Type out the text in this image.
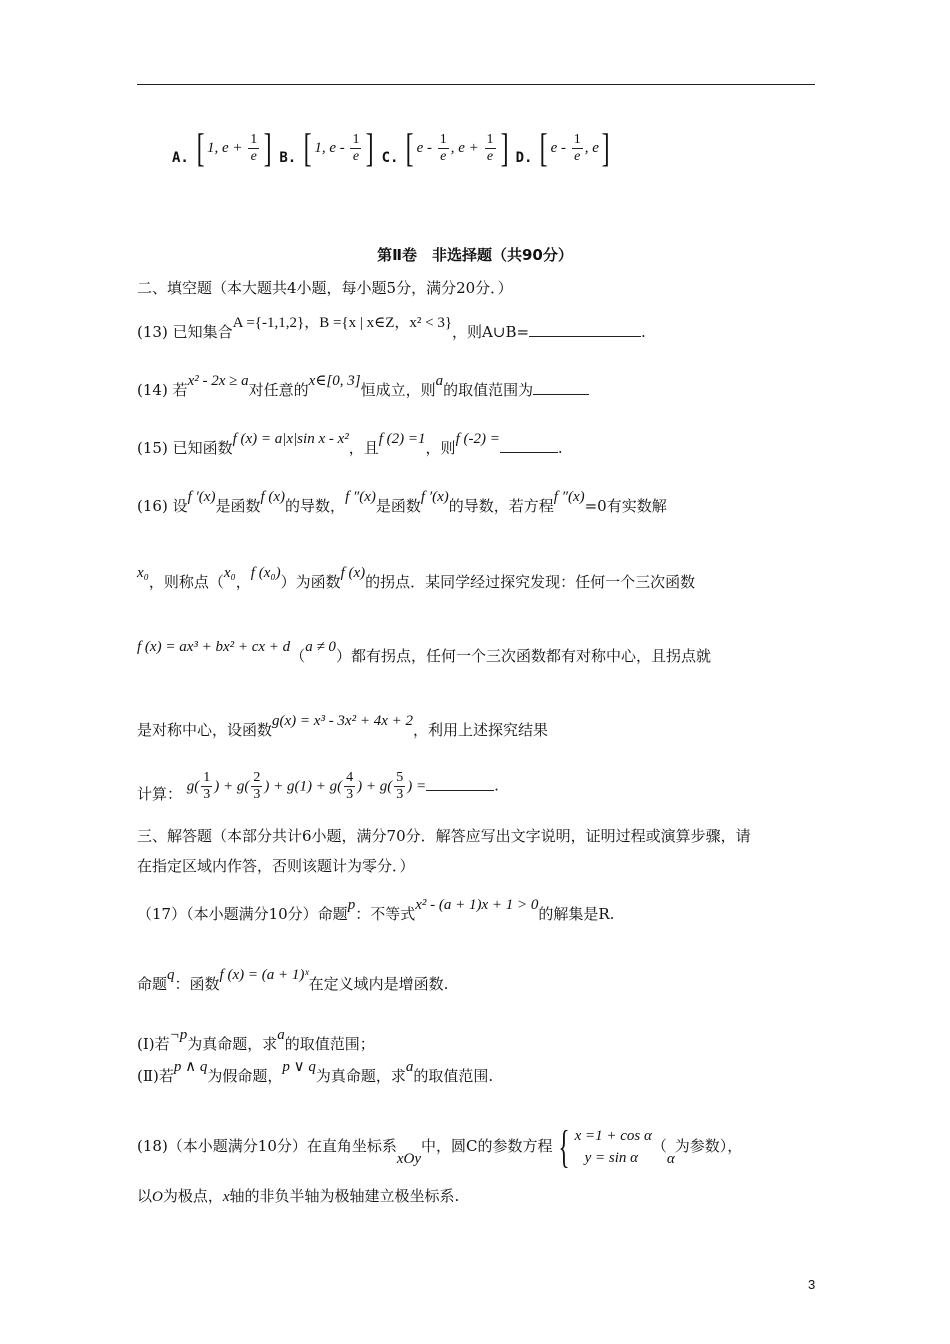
A. [ 1, $e + \frac{1}{e}$ ] B. [ 1, e - $\frac{1}{e}$ ] C. [ e - $\frac{1}{e}$ , $e + \frac{1}{e}$ ] D. [ e - $\frac{1}{e}$ , e]
第Ⅱ卷　非选择题（共90分）
二、填空题（本大题共4小题，每小题5分，满分20分．）
(13) 已知集合A ={-1,1,2}，B ={x | x∈Z，x² < 3}，则A∪B=	.
(14) 若x² - 2x ≥ a对任意的x∈[0, 3]恒成立，则a的取值范围为
(15) 已知函数f (x) = a|x|sin x - x²，且f (2) =1，则f (-2) =	.
(16) 设f ′(x)是函数f (x)的导数，f ″(x)是函数f ′(x)的导数，若方程f ″(x)=0有实数解
x₀，则称点（x₀，f (x₀)）为函数f (x)的拐点．某同学经过探究发现：任何一个三次函数
f (x) = ax³ + bx² + cx + d（a ≠ 0）都有拐点，任何一个三次函数都有对称中心，且拐点就
是对称中心，设函数g(x) = x³ - 3x² + 4x + 2，利用上述探究结果
计算： $g( \frac{1}{3}$ ) + $g( \frac{2}{3}$ ) + $g(1) + g( \frac{4}{3}$ ) + $g( \frac{5}{3}$ ) =	.
三、解答题（本部分共计6小题，满分70分．解答应写出文字说明，证明过程或演算步骤，请
在指定区域内作答，否则该题计为零分．）
（17）（本小题满分10分）命题p：不等式x² - (a + 1)x + 1 > 0的解集是R.
命题q：函数f (x) = (a + 1)ˣ在定义域内是增函数.
(Ⅰ)若¬p为真命题，求a的取值范围；
(Ⅱ)若p ∧ q为假命题，p ∨ q为真命题，求a的取值范围.
(18)（本小题满分10分）在直角坐标系xOy中，圆C的参数方程 { x =1 + cos α
y = sin α
（α为参数），
以O为极点，x轴的非负半轴为极轴建立极坐标系.
3
